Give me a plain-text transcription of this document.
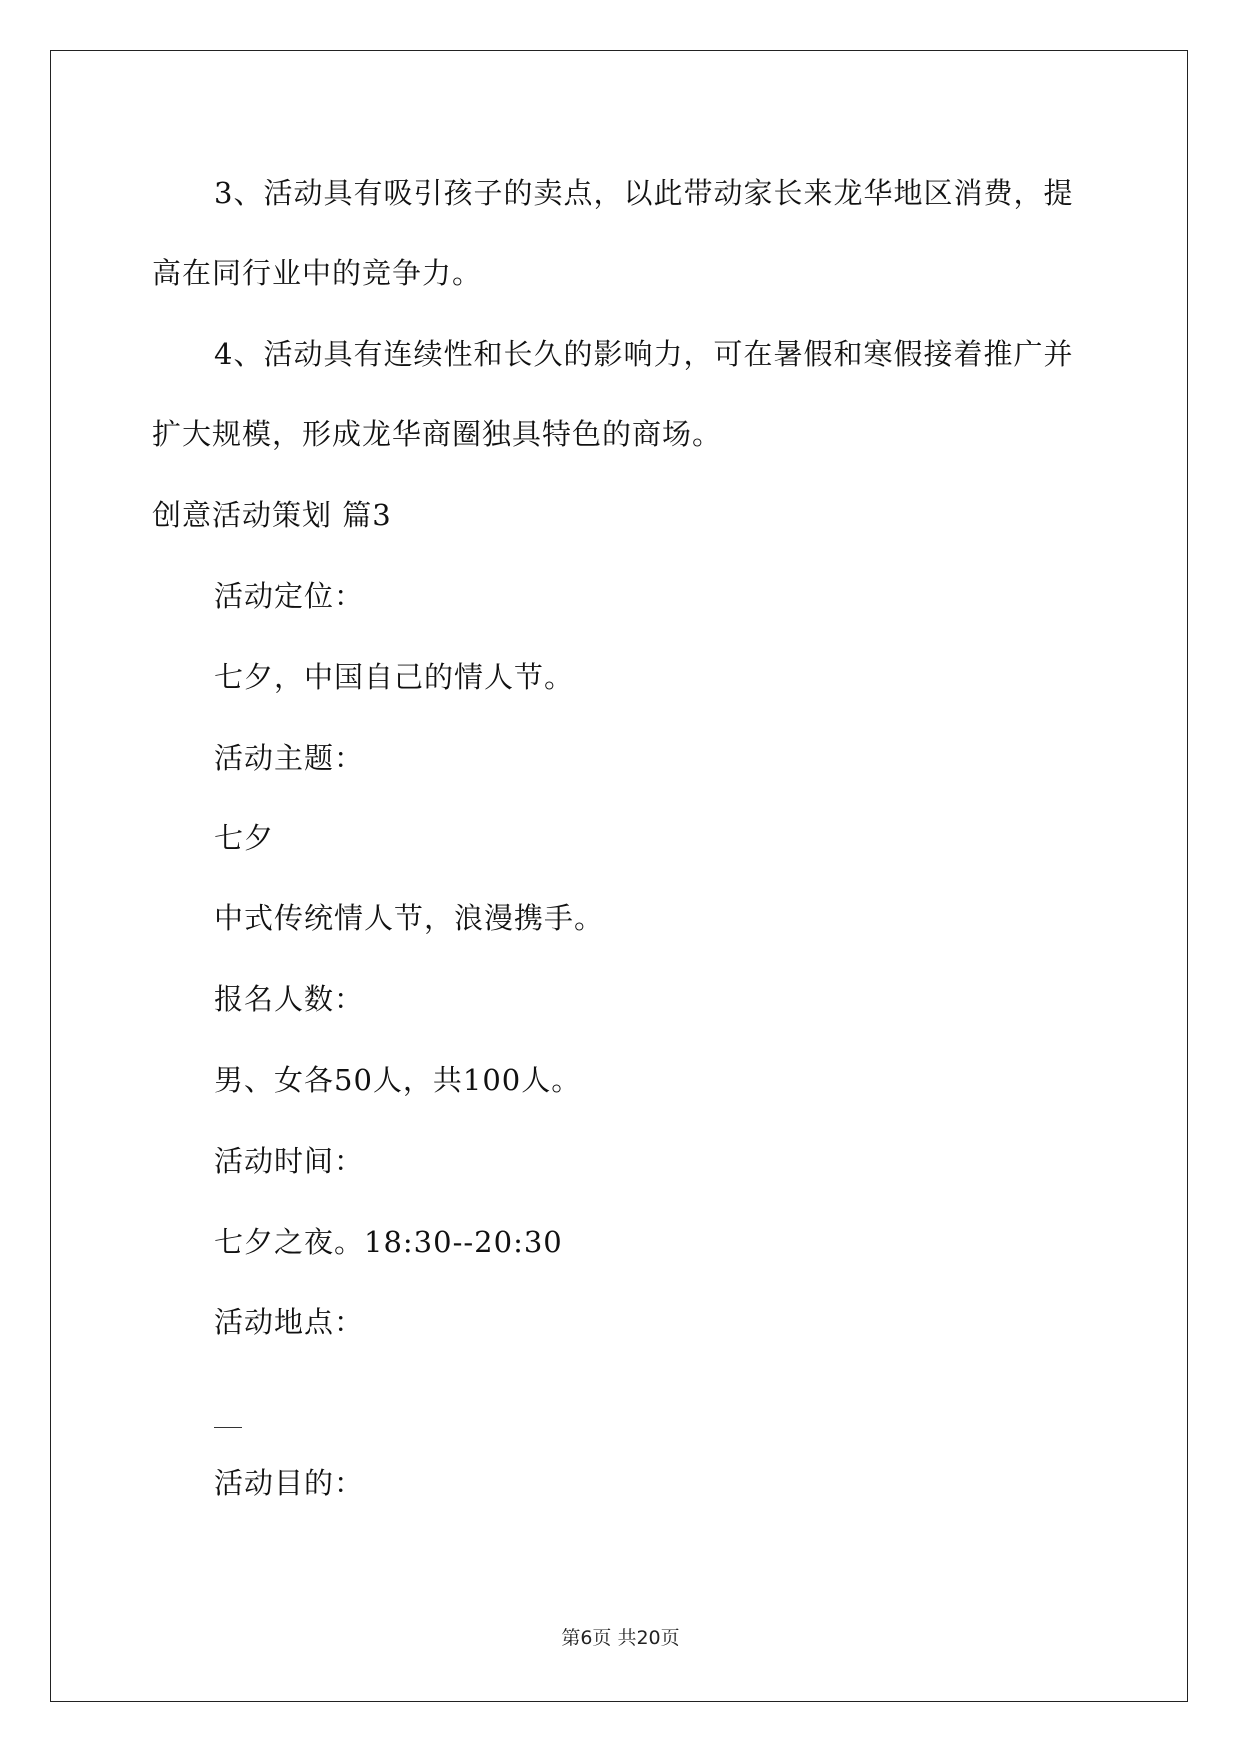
3、活动具有吸引孩子的卖点，以此带动家长来龙华地区消费，提
高在同行业中的竞争力。
4、活动具有连续性和长久的影响力，可在暑假和寒假接着推广并
扩大规模，形成龙华商圈独具特色的商场。
创意活动策划 篇3
活动定位：
七夕，中国自己的情人节。
活动主题：
七夕
中式传统情人节，浪漫携手。
报名人数：
男、女各50人，共100人。
活动时间：
七夕之夜。18:30--20:30
活动地点：
活动目的：
第6页 共20页
